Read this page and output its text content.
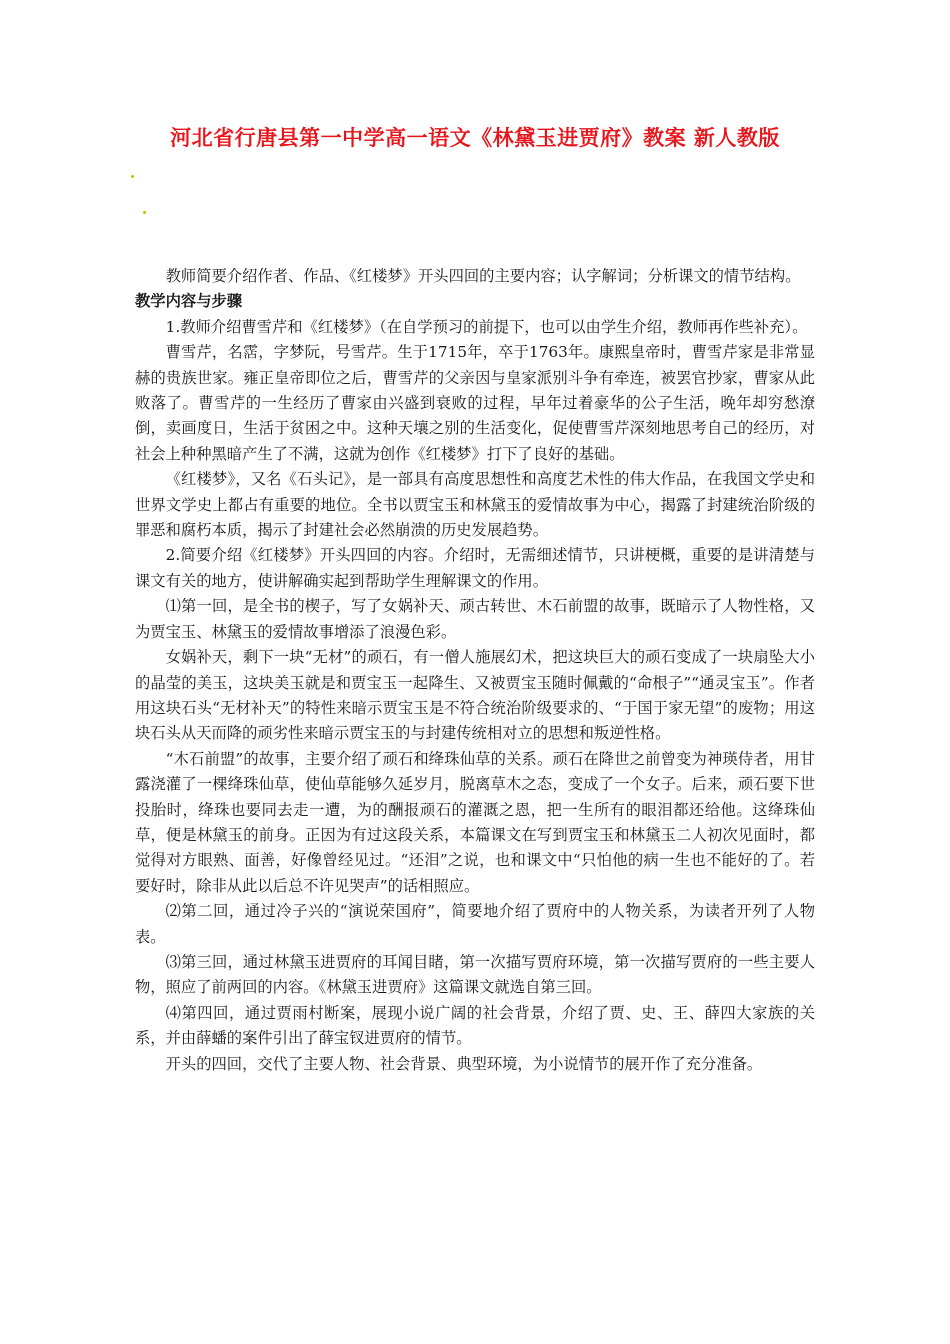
河北省行唐县第一中学高一语文《林黛玉进贾府》教案 新人教版

教师简要介绍作者、作品、《红楼梦》开头四回的主要内容；认字解词；分析课文的情节结构。

教学内容与步骤

1.教师介绍曹雪芹和《红楼梦》（在自学预习的前提下，也可以由学生介绍，教师再作些补充）。

曹雪芹，名霑，字梦阮，号雪芹。生于1715年，卒于1763年。康熙皇帝时，曹雪芹家是非常显赫的贵族世家。雍正皇帝即位之后，曹雪芹的父亲因与皇家派别斗争有牵连，被罢官抄家，曹家从此败落了。曹雪芹的一生经历了曹家由兴盛到衰败的过程，早年过着豪华的公子生活，晚年却穷愁潦倒，卖画度日，生活于贫困之中。这种天壤之别的生活变化，促使曹雪芹深刻地思考自己的经历，对社会上种种黑暗产生了不满，这就为创作《红楼梦》打下了良好的基础。

《红楼梦》，又名《石头记》，是一部具有高度思想性和高度艺术性的伟大作品，在我国文学史和世界文学史上都占有重要的地位。全书以贾宝玉和林黛玉的爱情故事为中心，揭露了封建统治阶级的罪恶和腐朽本质，揭示了封建社会必然崩溃的历史发展趋势。

2.简要介绍《红楼梦》开头四回的内容。介绍时，无需细述情节，只讲梗概，重要的是讲清楚与课文有关的地方，使讲解确实起到帮助学生理解课文的作用。

⑴第一回，是全书的楔子，写了女娲补天、顽古转世、木石前盟的故事，既暗示了人物性格，又为贾宝玉、林黛玉的爱情故事增添了浪漫色彩。

女娲补天，剩下一块“无材”的顽石，有一僧人施展幻术，把这块巨大的顽石变成了一块扇坠大小的晶莹的美玉，这块美玉就是和贾宝玉一起降生、又被贾宝玉随时佩戴的“命根子”“通灵宝玉”。作者用这块石头“无材补天”的特性来暗示贾宝玉是不符合统治阶级要求的、“于国于家无望”的废物；用这块石头从天而降的顽劣性来暗示贾宝玉的与封建传统相对立的思想和叛逆性格。

“木石前盟”的故事，主要介绍了顽石和绛珠仙草的关系。顽石在降世之前曾变为神瑛侍者，用甘露浇灌了一棵绛珠仙草，使仙草能够久延岁月，脱离草木之态，变成了一个女子。后来，顽石要下世投胎时，绛珠也要同去走一遭，为的酬报顽石的灌溉之恩，把一生所有的眼泪都还给他。这绛珠仙草，便是林黛玉的前身。正因为有过这段关系，本篇课文在写到贾宝玉和林黛玉二人初次见面时，都觉得对方眼熟、面善，好像曾经见过。“还泪”之说，也和课文中“只怕他的病一生也不能好的了。若要好时，除非从此以后总不许见哭声”的话相照应。

⑵第二回，通过冷子兴的“演说荣国府”，简要地介绍了贾府中的人物关系，为读者开列了人物表。

⑶第三回，通过林黛玉进贾府的耳闻目睹，第一次描写贾府环境，第一次描写贾府的一些主要人物，照应了前两回的内容。《林黛玉进贾府》这篇课文就选自第三回。

⑷第四回，通过贾雨村断案，展现小说广阔的社会背景，介绍了贾、史、王、薛四大家族的关系，并由薛蟠的案件引出了薛宝钗进贾府的情节。

开头的四回，交代了主要人物、社会背景、典型环境，为小说情节的展开作了充分准备。
